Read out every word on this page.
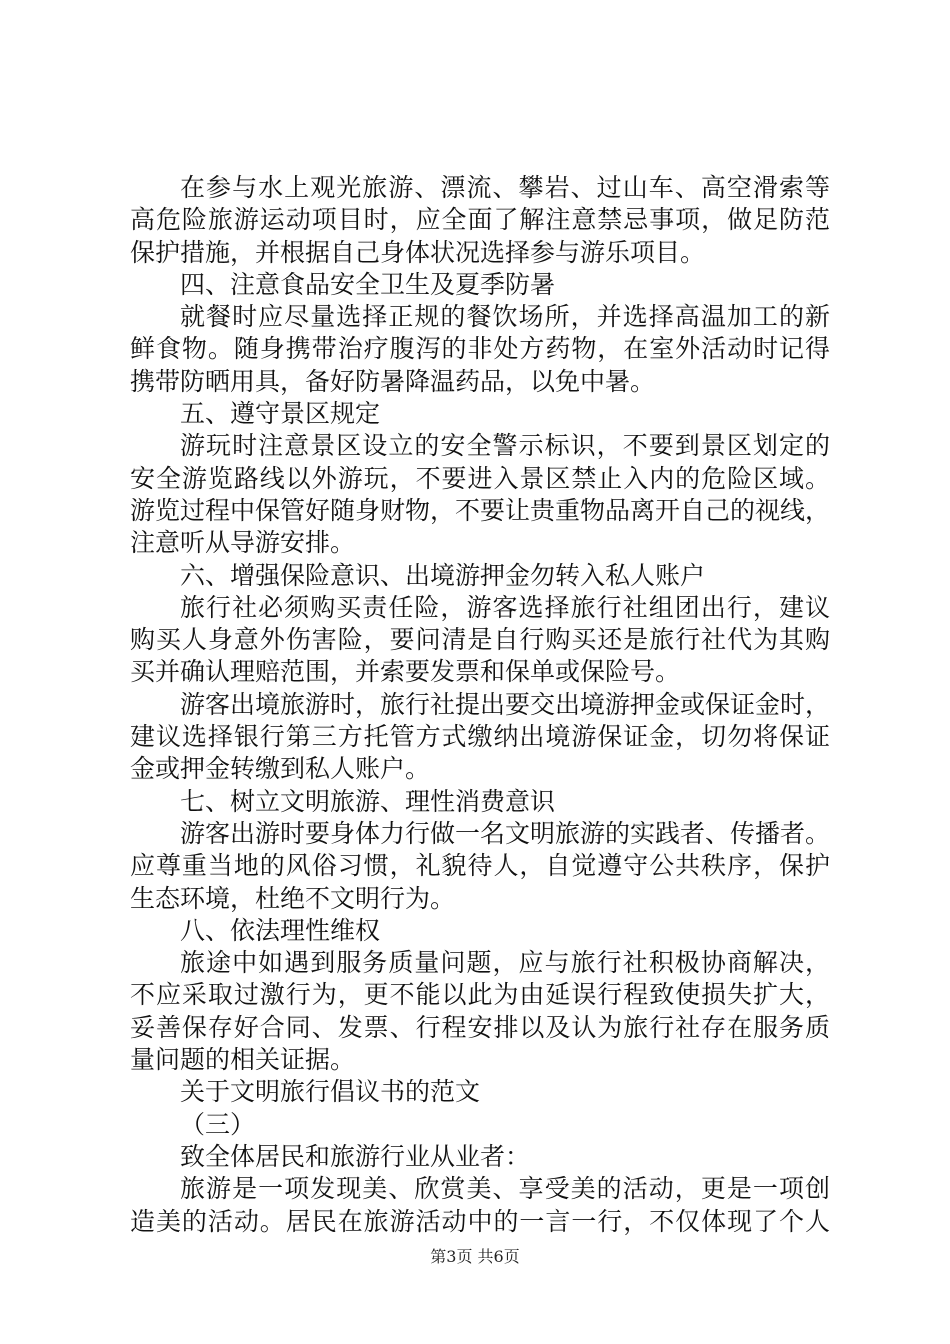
在参与水上观光旅游、漂流、攀岩、过山车、高空滑索等
高危险旅游运动项目时，应全面了解注意禁忌事项，做足防范
保护措施，并根据自己身体状况选择参与游乐项目。
四、注意食品安全卫生及夏季防暑
就餐时应尽量选择正规的餐饮场所，并选择高温加工的新
鲜食物。随身携带治疗腹泻的非处方药物，在室外活动时记得
携带防晒用具，备好防暑降温药品，以免中暑。
五、遵守景区规定
游玩时注意景区设立的安全警示标识，不要到景区划定的
安全游览路线以外游玩，不要进入景区禁止入内的危险区域。
游览过程中保管好随身财物，不要让贵重物品离开自己的视线，
注意听从导游安排。
六、增强保险意识、出境游押金勿转入私人账户
旅行社必须购买责任险，游客选择旅行社组团出行，建议
购买人身意外伤害险，要问清是自行购买还是旅行社代为其购
买并确认理赔范围，并索要发票和保单或保险号。
游客出境旅游时，旅行社提出要交出境游押金或保证金时，
建议选择银行第三方托管方式缴纳出境游保证金，切勿将保证
金或押金转缴到私人账户。
七、树立文明旅游、理性消费意识
游客出游时要身体力行做一名文明旅游的实践者、传播者。
应尊重当地的风俗习惯，礼貌待人，自觉遵守公共秩序，保护
生态环境，杜绝不文明行为。
八、依法理性维权
旅途中如遇到服务质量问题，应与旅行社积极协商解决，
不应采取过激行为，更不能以此为由延误行程致使损失扩大，
妥善保存好合同、发票、行程安排以及认为旅行社存在服务质
量问题的相关证据。
关于文明旅行倡议书的范文
（三）
致全体居民和旅游行业从业者：
旅游是一项发现美、欣赏美、享受美的活动，更是一项创
造美的活动。居民在旅游活动中的一言一行，不仅体现了个人
第3页 共6页
